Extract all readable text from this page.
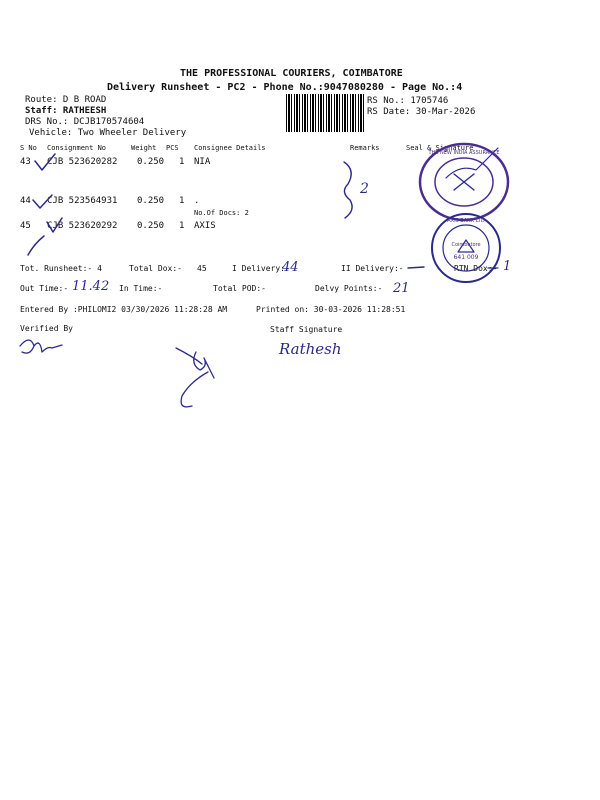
THE PROFESSIONAL COURIERS, COIMBATORE
Delivery Runsheet - PC2 - Phone No.:9047080280 - Page No.:4
Route: D B ROAD
Staff: RATHEESH
DRS No.: DCJB170574604
Vehicle: Two Wheeler Delivery
RS No.: 1705746
RS Date: 30-Mar-2026
S No Consignment No	Weight PCS Consignee Details	Remarks	Seal & Signature
43 CJB 523620282 0.250 1 NIA
44 CJB 523564931 0.250 1 .
No.Of Docs: 2
45 CJB 523620292 0.250 1 AXIS
Tot. Runsheet:- 4	Total Dox:- 45	I Delivery:-	II Delivery:-	RTN Dox:-
Out Time:-	In Time:-	Total POD:-	Delvy Points:-
Entered By :PHILOMI2 03/30/2026 11:28:28 AM	Printed on: 30-03-2026 11:28:51
Verified By	Staff Signature
44	1
11.42	21
2
Rathesh
THE NEW INDIA ASSURANCE
AXIS BANK LTD
Coimbatore
641 009
